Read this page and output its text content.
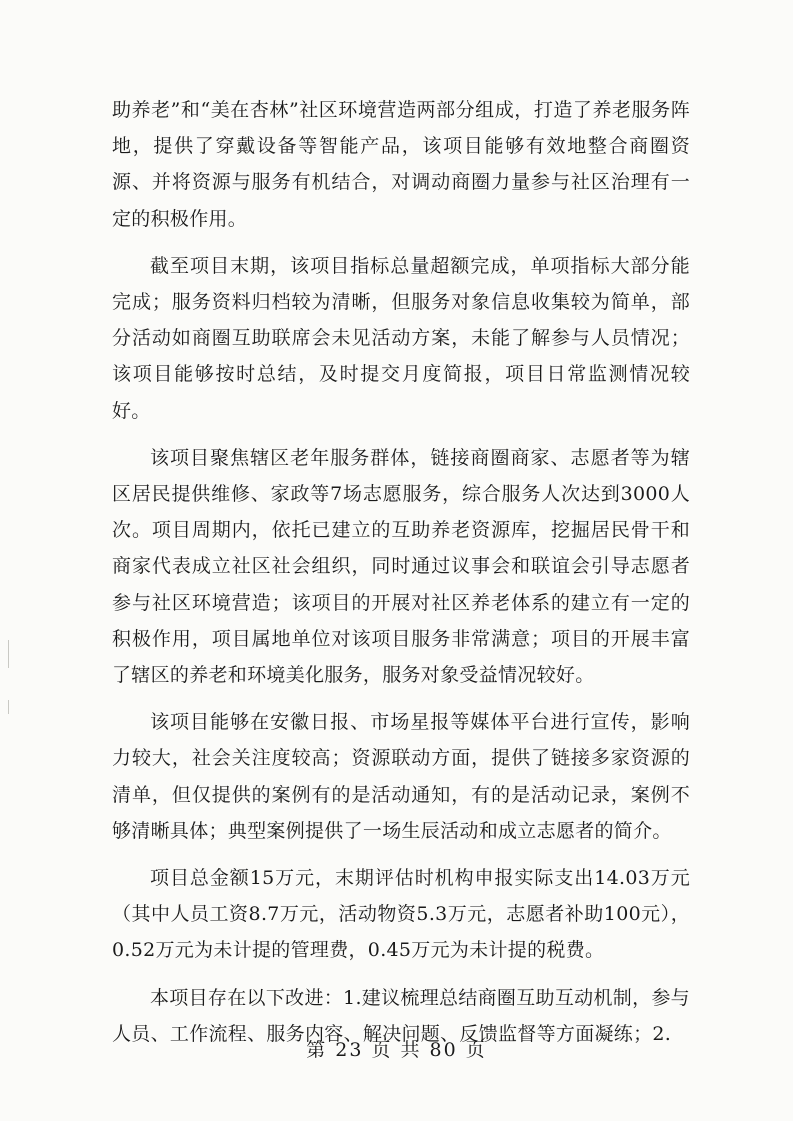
助养老”和“美在杏林”社区环境营造两部分组成，打造了养老服务阵地，提供了穿戴设备等智能产品，该项目能够有效地整合商圈资源、并将资源与服务有机结合，对调动商圈力量参与社区治理有一定的积极作用。

截至项目末期，该项目指标总量超额完成，单项指标大部分能完成；服务资料归档较为清晰，但服务对象信息收集较为简单，部分活动如商圈互助联席会未见活动方案，未能了解参与人员情况；该项目能够按时总结，及时提交月度简报，项目日常监测情况较好。

该项目聚焦辖区老年服务群体，链接商圈商家、志愿者等为辖区居民提供维修、家政等7场志愿服务，综合服务人次达到3000人次。项目周期内，依托已建立的互助养老资源库，挖掘居民骨干和商家代表成立社区社会组织，同时通过议事会和联谊会引导志愿者参与社区环境营造；该项目的开展对社区养老体系的建立有一定的积极作用，项目属地单位对该项目服务非常满意；项目的开展丰富了辖区的养老和环境美化服务，服务对象受益情况较好。

该项目能够在安徽日报、市场星报等媒体平台进行宣传，影响力较大，社会关注度较高；资源联动方面，提供了链接多家资源的清单，但仅提供的案例有的是活动通知，有的是活动记录，案例不够清晰具体；典型案例提供了一场生辰活动和成立志愿者的简介。

项目总金额15万元，末期评估时机构申报实际支出14.03万元（其中人员工资8.7万元，活动物资5.3万元，志愿者补助100元），0.52万元为未计提的管理费，0.45万元为未计提的税费。

本项目存在以下改进：1.建议梳理总结商圈互助互动机制，参与人员、工作流程、服务内容、解决问题、反馈监督等方面凝练；2.

第 23 页 共 80 页
